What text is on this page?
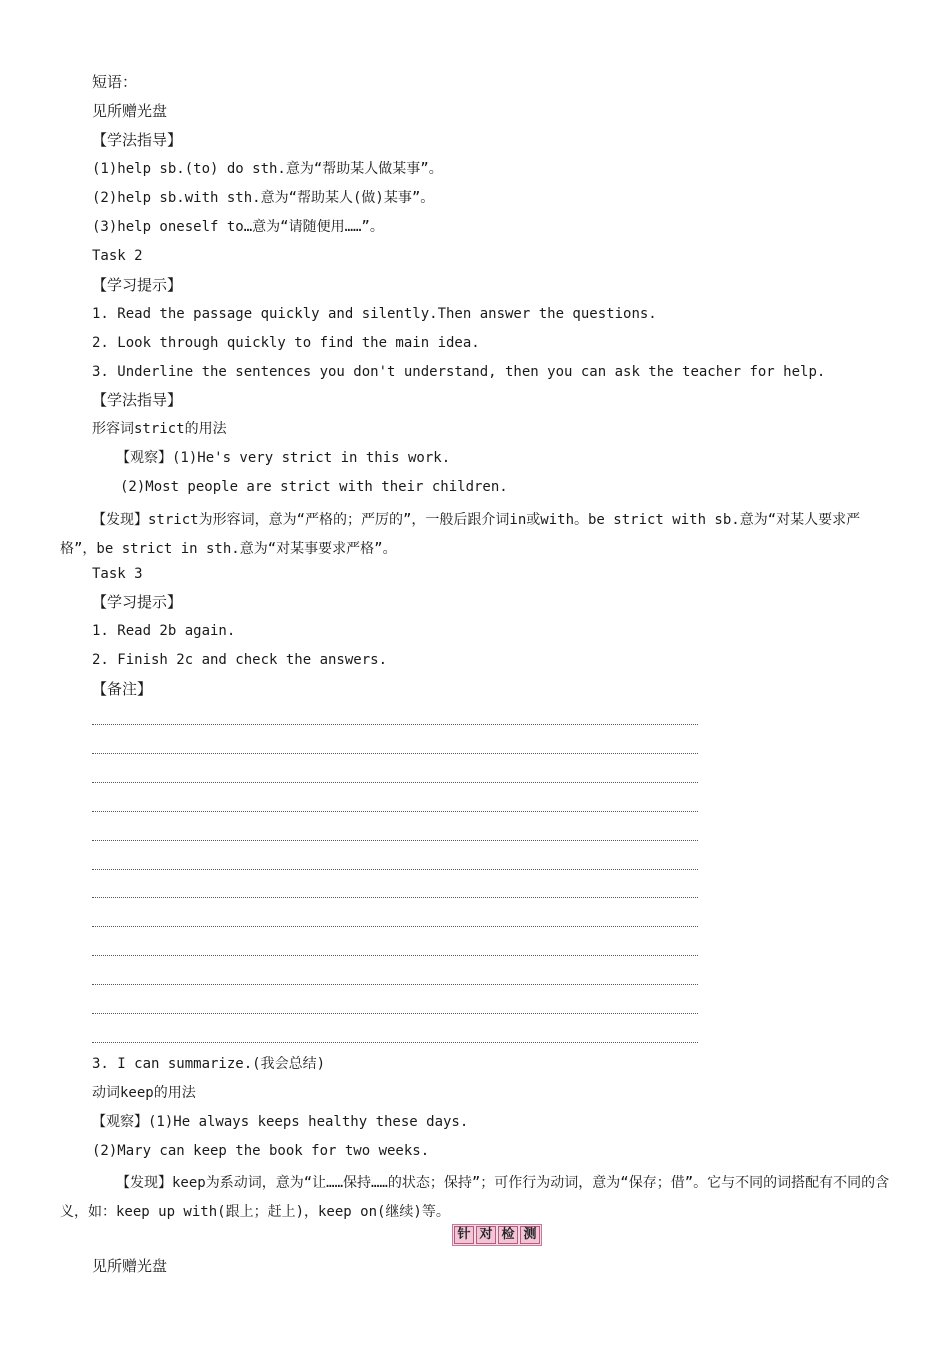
短语：
见所赠光盘
【学法指导】
(1)help sb.(to) do sth.意为“帮助某人做某事”。
(2)help sb.with sth.意为“帮助某人(做)某事”。
(3)help oneself to…意为“请随便用……”。
Task 2
【学习提示】
1. Read the passage quickly and silently.Then answer the questions.
2. Look through quickly to find the main idea.
3. Underline the sentences you don't understand, then you can ask the teacher for help.
【学法指导】
形容词strict的用法
【观察】(1)He's very strict in this work.
(2)Most people are strict with their children.
【发现】strict为形容词，意为“严格的；严厉的”，一般后跟介词in或with。be strict with sb.意为“对某人要求严格”，be strict in sth.意为“对某事要求严格”。
Task 3
【学习提示】
1. Read 2b again.
2. Finish 2c and check the answers.
【备注】
3. I can summarize.(我会总结)
动词keep的用法
【观察】(1)He always keeps healthy these days.
(2)Mary can keep the book for two weeks.
【发现】keep为系动词，意为“让……保持……的状态；保持”；可作行为动词，意为“保存；借”。它与不同的词搭配有不同的含义，如：keep up with(跟上；赶上)，keep on(继续)等。
针 对 检 测
见所赠光盘
